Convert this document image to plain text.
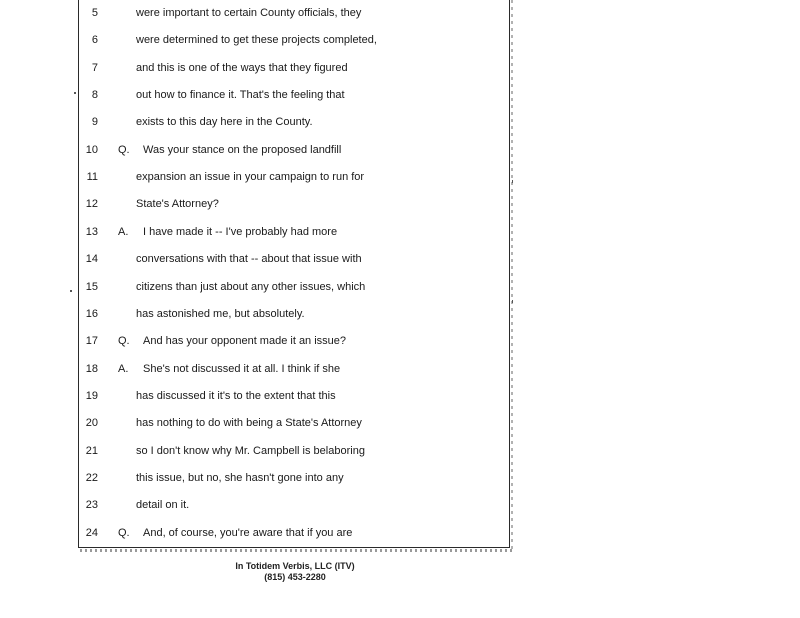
5	were important to certain County officials, they
6	were determined to get these projects completed,
7	and this is one of the ways that they figured
8	out how to finance it. That's the feeling that
9	exists to this day here in the County.
10 Q. Was your stance on the proposed landfill
11	expansion an issue in your campaign to run for
12	State's Attorney?
13 A. I have made it -- I've probably had more
14	conversations with that -- about that issue with
15	citizens than just about any other issues, which
16	has astonished me, but absolutely.
17 Q. And has your opponent made it an issue?
18 A. She's not discussed it at all. I think if she
19	has discussed it it's to the extent that this
20	has nothing to do with being a State's Attorney
21	so I don't know why Mr. Campbell is belaboring
22	this issue, but no, she hasn't gone into any
23	detail on it.
24 Q. And, of course, you're aware that if you are
In Totidem Verbis, LLC (ITV)
(815) 453-2280
